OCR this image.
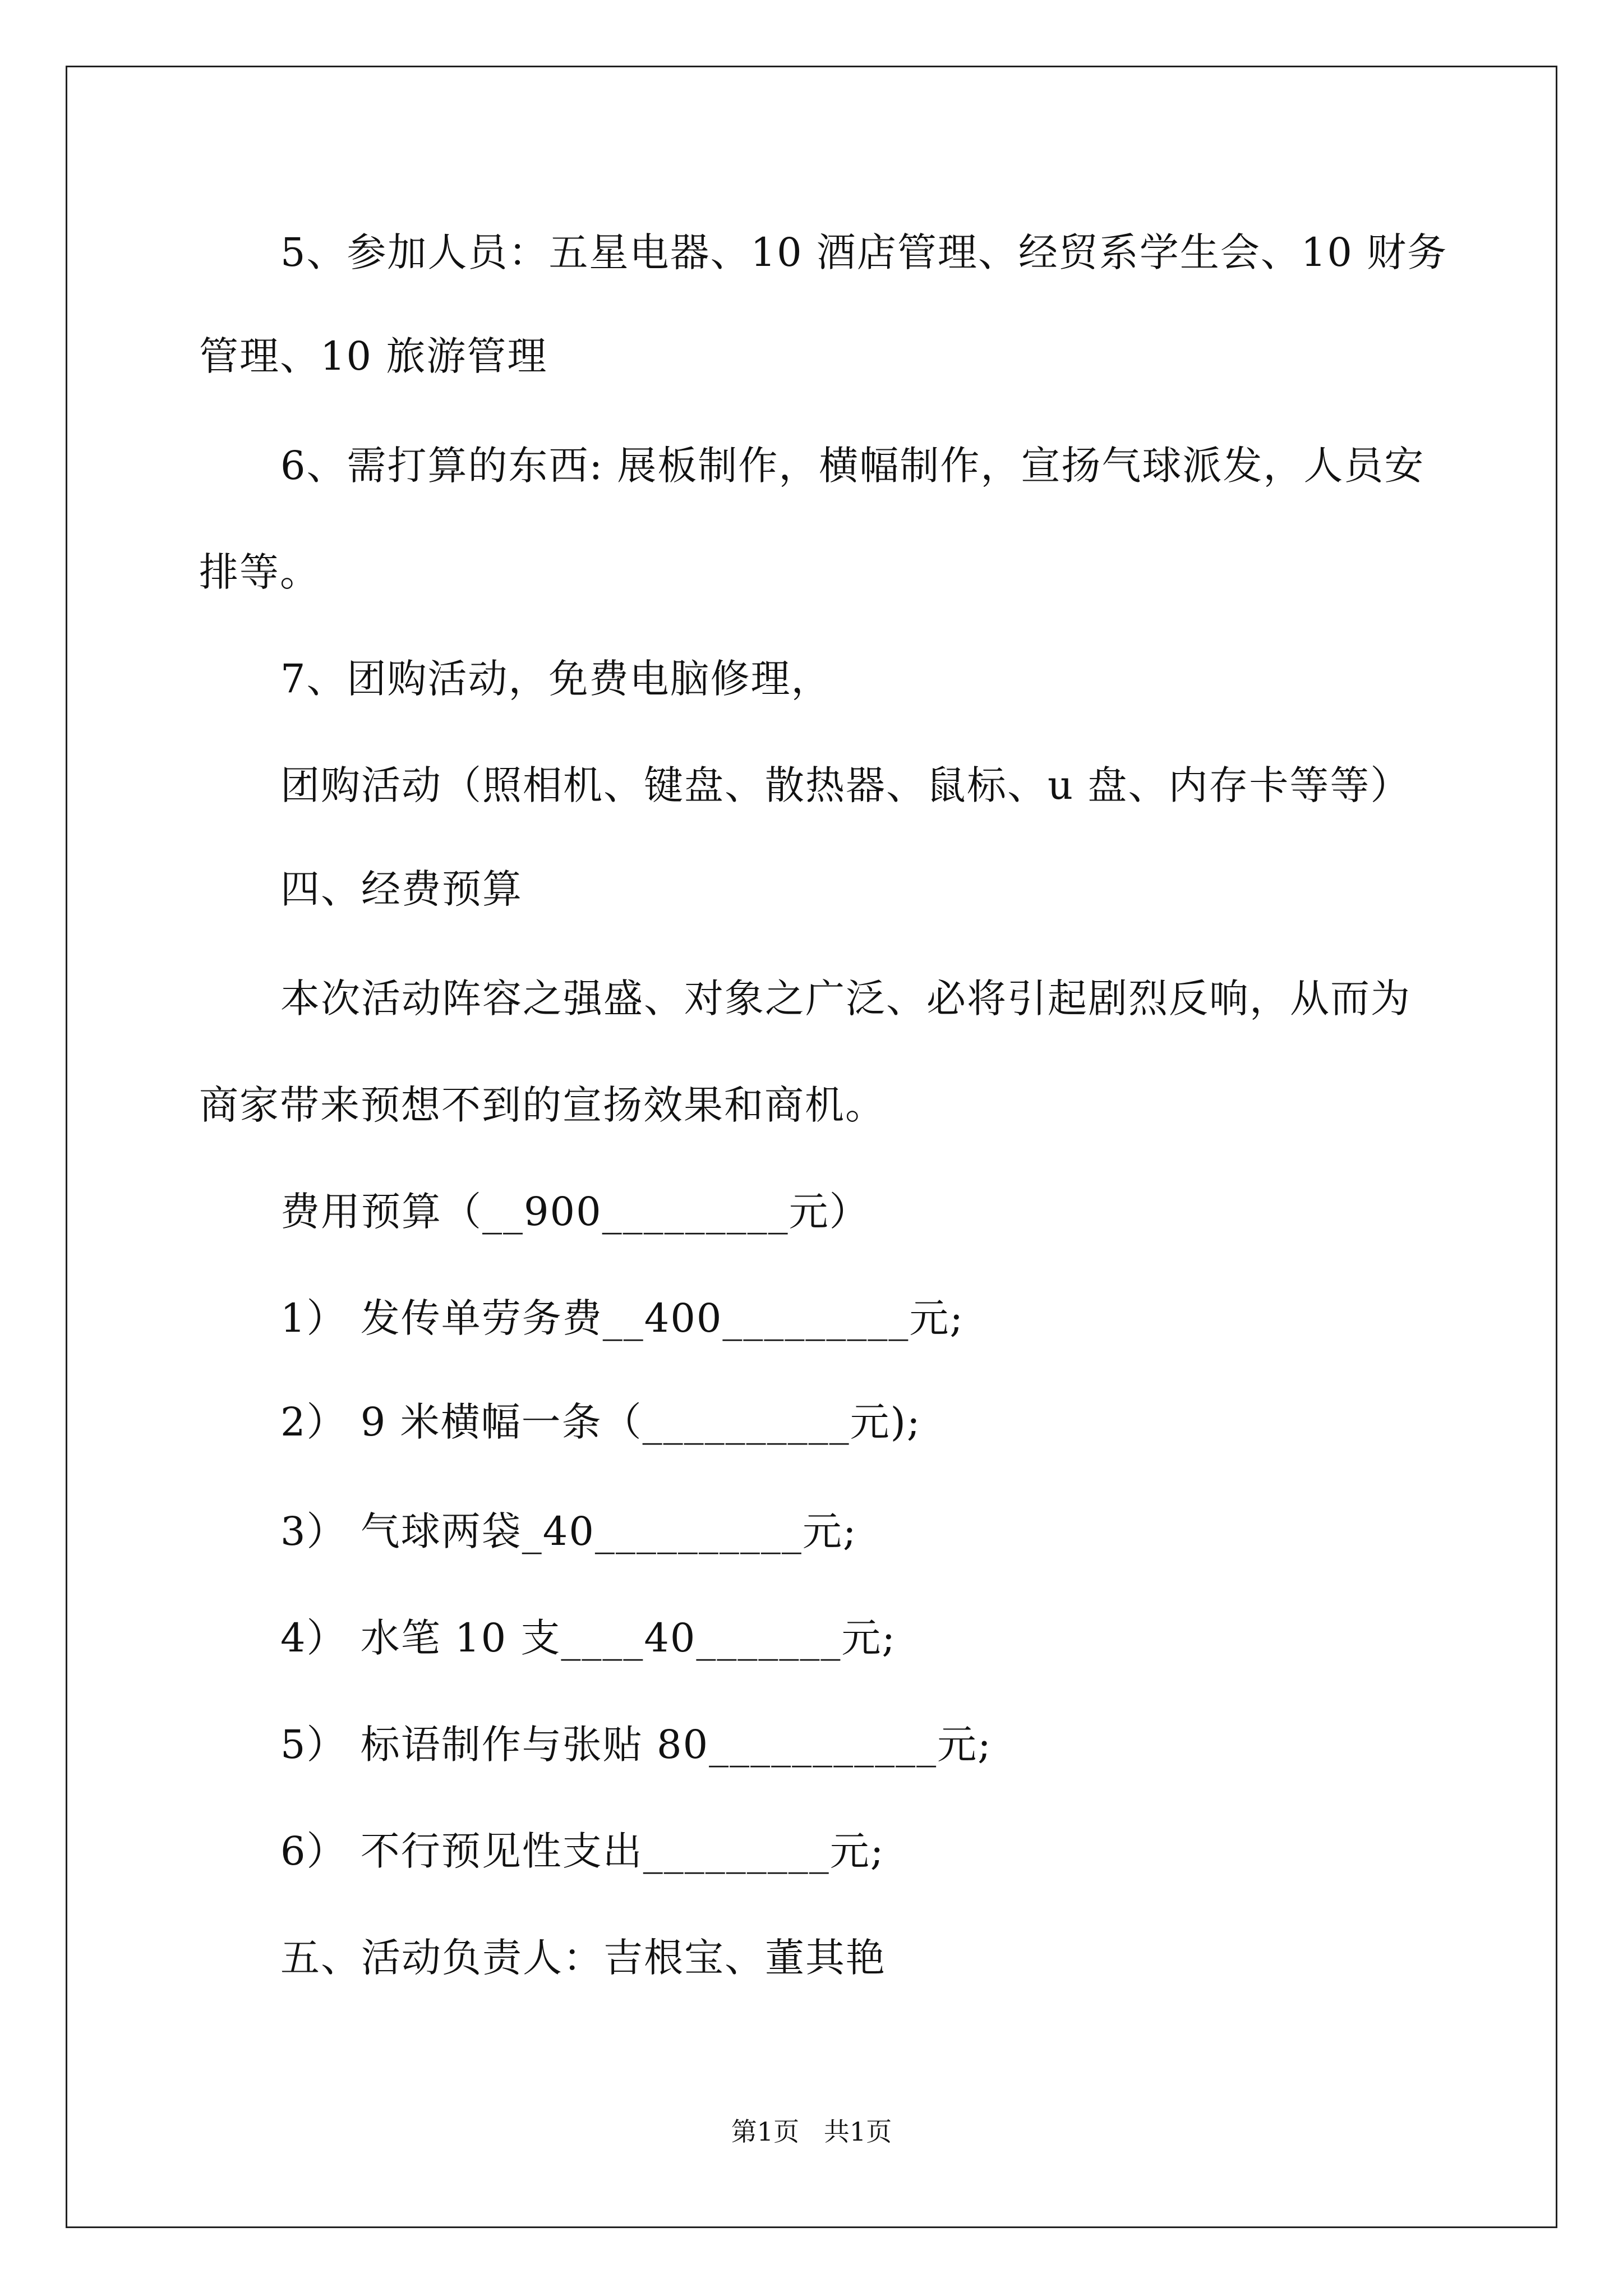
5、参加人员：五星电器、10 酒店管理、经贸系学生会、10 财务
管理、10 旅游管理
6、需打算的东西: 展板制作，横幅制作，宣扬气球派发，人员安
排等。
7、团购活动，免费电脑修理，
团购活动（照相机、键盘、散热器、鼠标、u 盘、内存卡等等）
四、经费预算
本次活动阵容之强盛、对象之广泛、必将引起剧烈反响，从而为
商家带来预想不到的宣扬效果和商机。
费用预算（__900_________元）
1） 发传单劳务费__400_________元;
2） 9 米横幅一条（__________元);
3） 气球两袋_40__________元;
4） 水笔 10 支____40_______元;
5） 标语制作与张贴 80___________元;
6） 不行预见性支出_________元;
五、活动负责人：吉根宝、董其艳
第1页   共1页
